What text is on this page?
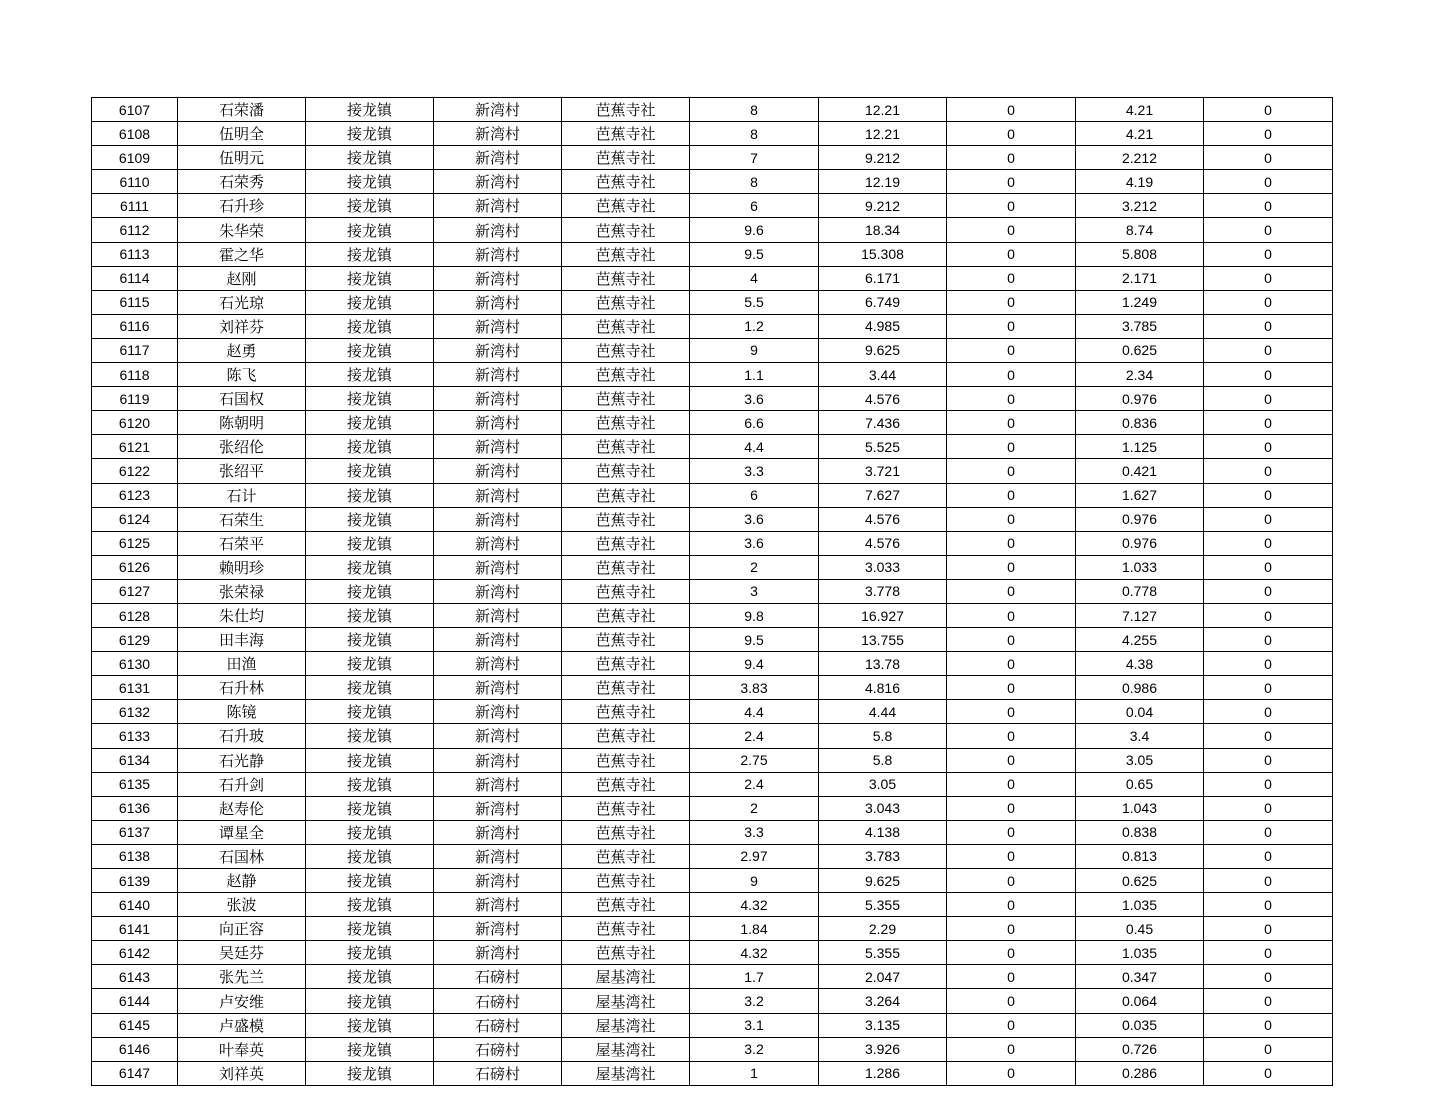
6107	石荣潘	接龙镇	新湾村	芭蕉寺社	8	12.21	0	4.21	0
6108	伍明全	接龙镇	新湾村	芭蕉寺社	8	12.21	0	4.21	0
6109	伍明元	接龙镇	新湾村	芭蕉寺社	7	9.212	0	2.212	0
6110	石荣秀	接龙镇	新湾村	芭蕉寺社	8	12.19	0	4.19	0
6111	石升珍	接龙镇	新湾村	芭蕉寺社	6	9.212	0	3.212	0
6112	朱华荣	接龙镇	新湾村	芭蕉寺社	9.6	18.34	0	8.74	0
6113	霍之华	接龙镇	新湾村	芭蕉寺社	9.5	15.308	0	5.808	0
6114	赵刚	接龙镇	新湾村	芭蕉寺社	4	6.171	0	2.171	0
6115	石光琼	接龙镇	新湾村	芭蕉寺社	5.5	6.749	0	1.249	0
6116	刘祥芬	接龙镇	新湾村	芭蕉寺社	1.2	4.985	0	3.785	0
6117	赵勇	接龙镇	新湾村	芭蕉寺社	9	9.625	0	0.625	0
6118	陈飞	接龙镇	新湾村	芭蕉寺社	1.1	3.44	0	2.34	0
6119	石国权	接龙镇	新湾村	芭蕉寺社	3.6	4.576	0	0.976	0
6120	陈朝明	接龙镇	新湾村	芭蕉寺社	6.6	7.436	0	0.836	0
6121	张绍伦	接龙镇	新湾村	芭蕉寺社	4.4	5.525	0	1.125	0
6122	张绍平	接龙镇	新湾村	芭蕉寺社	3.3	3.721	0	0.421	0
6123	石计	接龙镇	新湾村	芭蕉寺社	6	7.627	0	1.627	0
6124	石荣生	接龙镇	新湾村	芭蕉寺社	3.6	4.576	0	0.976	0
6125	石荣平	接龙镇	新湾村	芭蕉寺社	3.6	4.576	0	0.976	0
6126	赖明珍	接龙镇	新湾村	芭蕉寺社	2	3.033	0	1.033	0
6127	张荣禄	接龙镇	新湾村	芭蕉寺社	3	3.778	0	0.778	0
6128	朱仕均	接龙镇	新湾村	芭蕉寺社	9.8	16.927	0	7.127	0
6129	田丰海	接龙镇	新湾村	芭蕉寺社	9.5	13.755	0	4.255	0
6130	田渔	接龙镇	新湾村	芭蕉寺社	9.4	13.78	0	4.38	0
6131	石升林	接龙镇	新湾村	芭蕉寺社	3.83	4.816	0	0.986	0
6132	陈镜	接龙镇	新湾村	芭蕉寺社	4.4	4.44	0	0.04	0
6133	石升玻	接龙镇	新湾村	芭蕉寺社	2.4	5.8	0	3.4	0
6134	石光静	接龙镇	新湾村	芭蕉寺社	2.75	5.8	0	3.05	0
6135	石升剑	接龙镇	新湾村	芭蕉寺社	2.4	3.05	0	0.65	0
6136	赵寿伦	接龙镇	新湾村	芭蕉寺社	2	3.043	0	1.043	0
6137	谭星全	接龙镇	新湾村	芭蕉寺社	3.3	4.138	0	0.838	0
6138	石国林	接龙镇	新湾村	芭蕉寺社	2.97	3.783	0	0.813	0
6139	赵静	接龙镇	新湾村	芭蕉寺社	9	9.625	0	0.625	0
6140	张波	接龙镇	新湾村	芭蕉寺社	4.32	5.355	0	1.035	0
6141	向正容	接龙镇	新湾村	芭蕉寺社	1.84	2.29	0	0.45	0
6142	吴廷芬	接龙镇	新湾村	芭蕉寺社	4.32	5.355	0	1.035	0
6143	张先兰	接龙镇	石磅村	屋基湾社	1.7	2.047	0	0.347	0
6144	卢安维	接龙镇	石磅村	屋基湾社	3.2	3.264	0	0.064	0
6145	卢盛模	接龙镇	石磅村	屋基湾社	3.1	3.135	0	0.035	0
6146	叶奉英	接龙镇	石磅村	屋基湾社	3.2	3.926	0	0.726	0
6147	刘祥英	接龙镇	石磅村	屋基湾社	1	1.286	0	0.286	0
